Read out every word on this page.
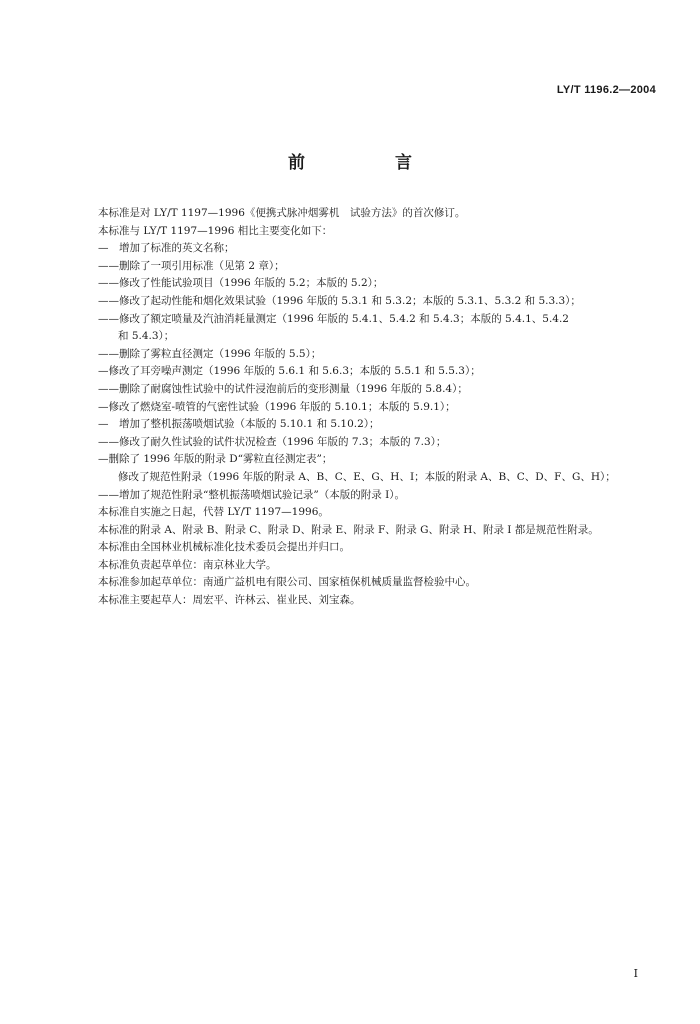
LY/T 1196.2—2004
前 言
本标准是对 LY/T 1197—1996《便携式脉冲烟雾机　试验方法》的首次修订。
本标准与 LY/T 1197—1996 相比主要变化如下：
—　增加了标准的英文名称；
——删除了一项引用标准（见第 2 章）；
——修改了性能试验项目（1996 年版的 5.2；本版的 5.2）；
——修改了起动性能和烟化效果试验（1996 年版的 5.3.1 和 5.3.2；本版的 5.3.1、5.3.2 和 5.3.3）；
——修改了额定喷量及汽油消耗量测定（1996 年版的 5.4.1、5.4.2 和 5.4.3；本版的 5.4.1、5.4.2
和 5.4.3）；
——删除了雾粒直径测定（1996 年版的 5.5）；
—修改了耳旁噪声测定（1996 年版的 5.6.1 和 5.6.3；本版的 5.5.1 和 5.5.3）；
——删除了耐腐蚀性试验中的试件浸泡前后的变形测量（1996 年版的 5.8.4）；
—修改了燃烧室-喷管的气密性试验（1996 年版的 5.10.1；本版的 5.9.1）；
—　增加了整机振荡喷烟试验（本版的 5.10.1 和 5.10.2）；
——修改了耐久性试验的试件状况检查（1996 年版的 7.3；本版的 7.3）；
—删除了 1996 年版的附录 D“雾粒直径测定表”；
修改了规范性附录（1996 年版的附录 A、B、C、E、G、H、I；本版的附录 A、B、C、D、F、G、H）；
——增加了规范性附录“整机振荡喷烟试验记录”（本版的附录 I）。
本标准自实施之日起，代替 LY/T 1197—1996。
本标准的附录 A、附录 B、附录 C、附录 D、附录 E、附录 F、附录 G、附录 H、附录 I 都是规范性附录。
本标准由全国林业机械标准化技术委员会提出并归口。
本标准负责起草单位：南京林业大学。
本标准参加起草单位：南通广益机电有限公司、国家植保机械质量监督检验中心。
本标准主要起草人：周宏平、许林云、崔业民、刘宝森。
I
